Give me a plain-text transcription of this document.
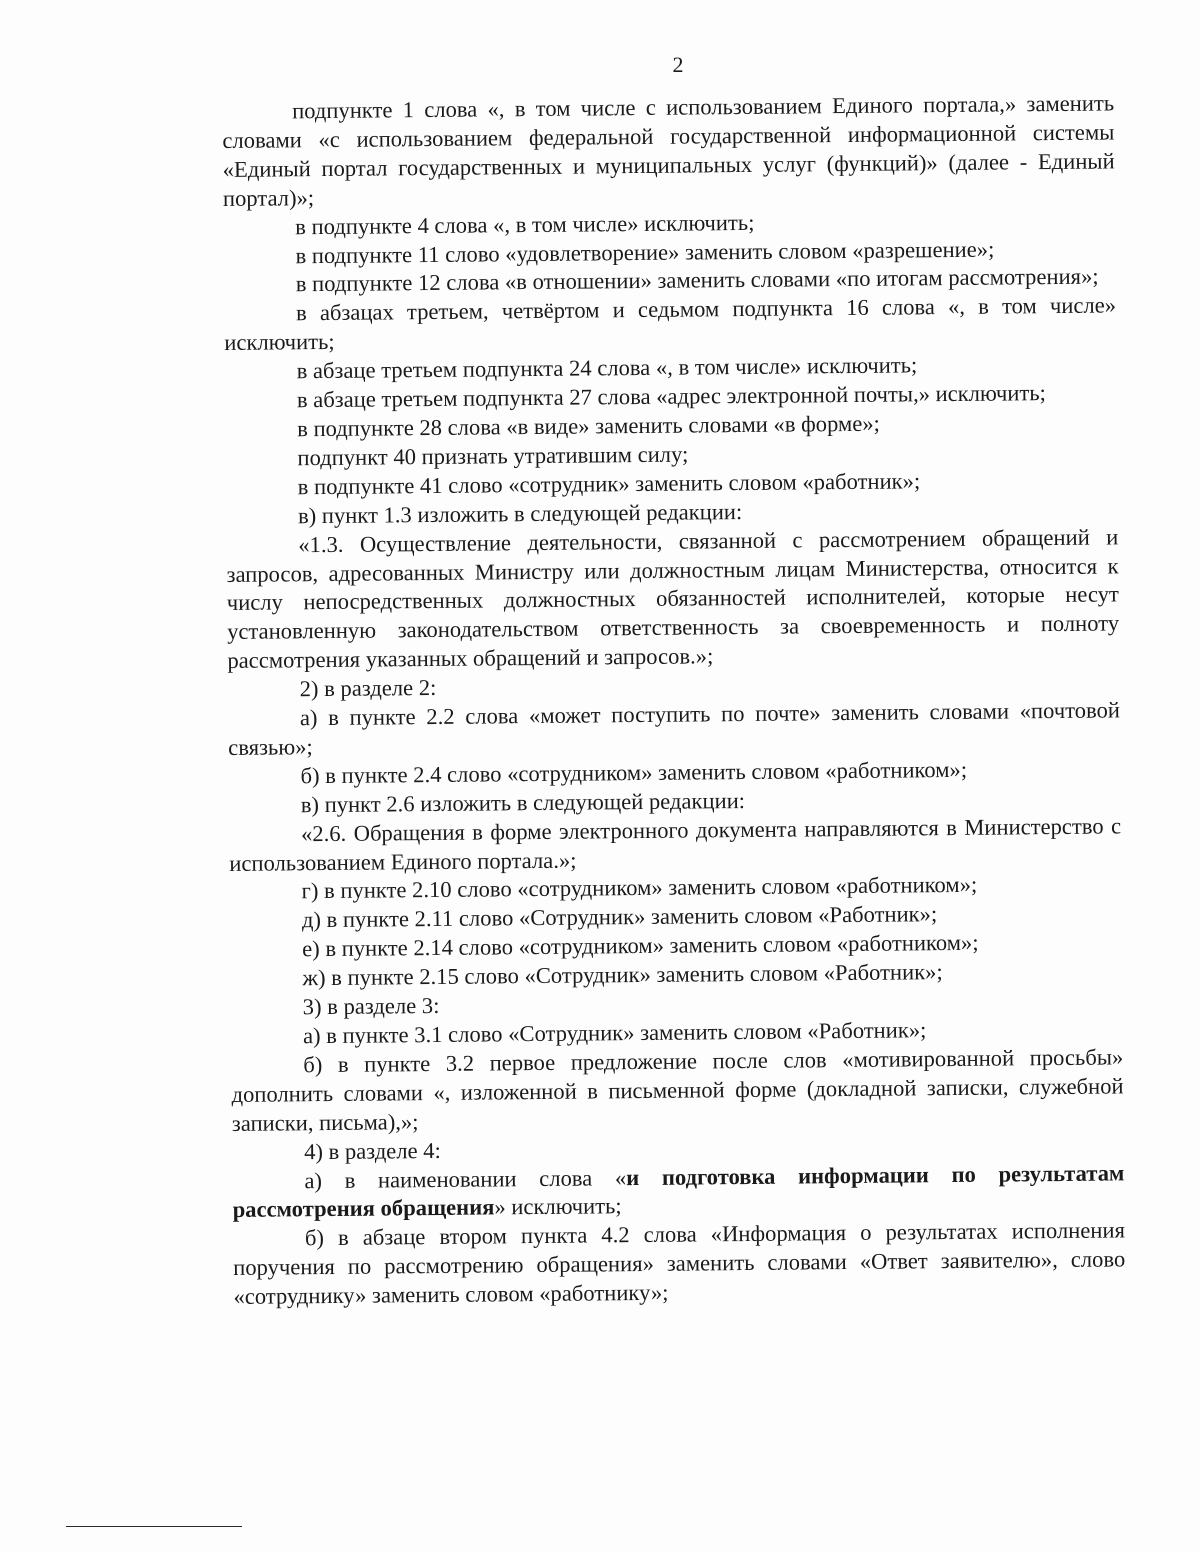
2

подпункте 1 слова «, в том числе с использованием Единого портала,» заменить словами «с использованием федеральной государственной информационной системы «Единый портал государственных и муниципальных услуг (функций)» (далее - Единый портал)»;

в подпункте 4 слова «, в том числе» исключить;

в подпункте 11 слово «удовлетворение» заменить словом «разрешение»;

в подпункте 12 слова «в отношении» заменить словами «по итогам рассмотрения»;

в абзацах третьем, четвёртом и седьмом подпункта 16 слова «, в том числе» исключить;

в абзаце третьем подпункта 24 слова «, в том числе» исключить;

в абзаце третьем подпункта 27 слова «адрес электронной почты,» исключить;

в подпункте 28 слова «в виде» заменить словами «в форме»;

подпункт 40 признать утратившим силу;

в подпункте 41 слово «сотрудник» заменить словом «работник»;

в) пункт 1.3 изложить в следующей редакции:

«1.3. Осуществление деятельности, связанной с рассмотрением обращений и запросов, адресованных Министру или должностным лицам Министерства, относится к числу непосредственных должностных обязанностей исполнителей, которые несут установленную законодательством ответственность за своевременность и полноту рассмотрения указанных обращений и запросов.»;

2) в разделе 2:

а) в пункте 2.2 слова «может поступить по почте» заменить словами «почтовой связью»;

б) в пункте 2.4 слово «сотрудником» заменить словом «работником»;

в) пункт 2.6 изложить в следующей редакции:

«2.6. Обращения в форме электронного документа направляются в Министерство с использованием Единого портала.»;

г) в пункте 2.10 слово «сотрудником» заменить словом «работником»;

д) в пункте 2.11 слово «Сотрудник» заменить словом «Работник»;

е) в пункте 2.14 слово «сотрудником» заменить словом «работником»;

ж) в пункте 2.15 слово «Сотрудник» заменить словом «Работник»;

3) в разделе 3:

а) в пункте 3.1 слово «Сотрудник» заменить словом «Работник»;

б) в пункте 3.2 первое предложение после слов «мотивированной просьбы» дополнить словами «, изложенной в письменной форме (докладной записки, служебной записки, письма),»;

4) в разделе 4:

а) в наименовании слова «и подготовка информации по результатам рассмотрения обращения» исключить;

б) в абзаце втором пункта 4.2 слова «Информация о результатах исполнения поручения по рассмотрению обращения» заменить словами «Ответ заявителю», слово «сотруднику» заменить словом «работнику»;
